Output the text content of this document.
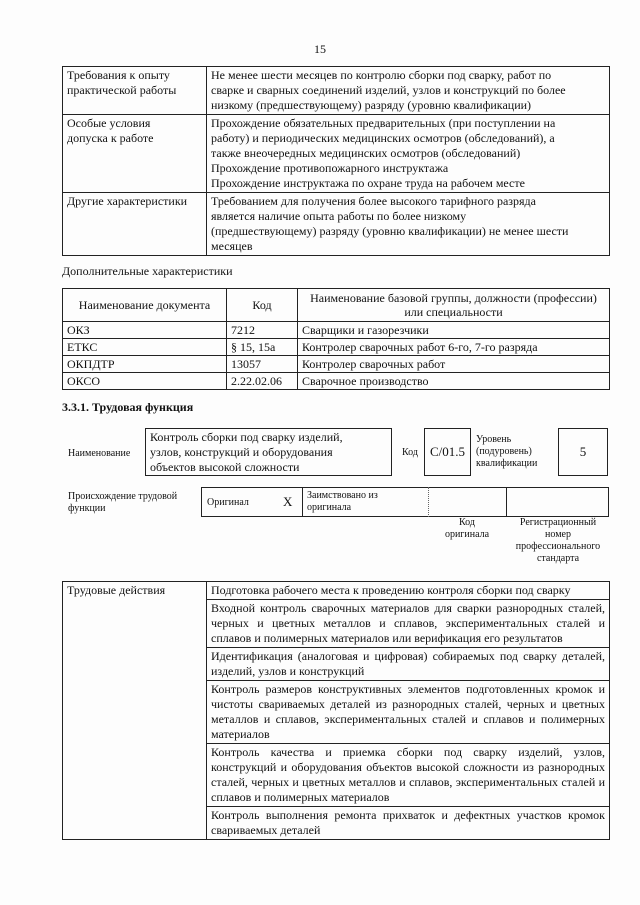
15
Требования к опыту
практической работы	Не менее шести месяцев по контролю сборки под сварку, работ по
сварке и сварных соединений изделий, узлов и конструкций по более
низкому (предшествующему) разряду (уровню квалификации)

Особые условия
допуска к работе	Прохождение обязательных предварительных (при поступлении на
работу) и периодических медицинских осмотров (обследований), а
также внеочередных медицинских осмотров (обследований)
Прохождение противопожарного инструктажа
Прохождение инструктажа по охране труда на рабочем месте

Другие характеристики	Требованием для получения более высокого тарифного разряда
является наличие опыта работы по более низкому
(предшествующему) разряду (уровню квалификации) не менее шести
месяцев
Дополнительные характеристики
Наименование документа	Код	Наименование базовой группы, должности (профессии) или специальности
ОКЗ	7212	Сварщики и газорезчики
ЕТКС	§ 15, 15а	Контролер сварочных работ 6-го, 7-го разряда
ОКПДТР	13057	Контролер сварочных работ
ОКСО	2.22.02.06	Сварочное производство
3.3.1. Трудовая функция
Наименование
Контроль сборки под сварку изделий,
узлов, конструкций и оборудования
объектов высокой сложности
Код С/01.5
Уровень
(подуровень)
квалификации
5
Происхождение трудовой
функции
Оригинал	X Заимствовано из
оригинала
Код
оригинала
Регистрационный
номер
профессионального
стандарта
Трудовые действия	Подготовка рабочего места к проведению контроля сборки под сварку
Входной контроль сварочных материалов для сварки разнородных сталей, черных и цветных металлов и сплавов, экспериментальных сталей и сплавов и полимерных материалов или верификация его результатов
Идентификация (аналоговая и цифровая) собираемых под сварку деталей, изделий, узлов и конструкций
Контроль размеров конструктивных элементов подготовленных кромок и чистоты свариваемых деталей из разнородных сталей, черных и цветных металлов и сплавов, экспериментальных сталей и сплавов и полимерных материалов
Контроль качества и приемка сборки под сварку изделий, узлов, конструкций и оборудования объектов высокой сложности из разнородных сталей, черных и цветных металлов и сплавов, экспериментальных сталей и сплавов и полимерных материалов
Контроль выполнения ремонта прихваток и дефектных участков кромок свариваемых деталей
